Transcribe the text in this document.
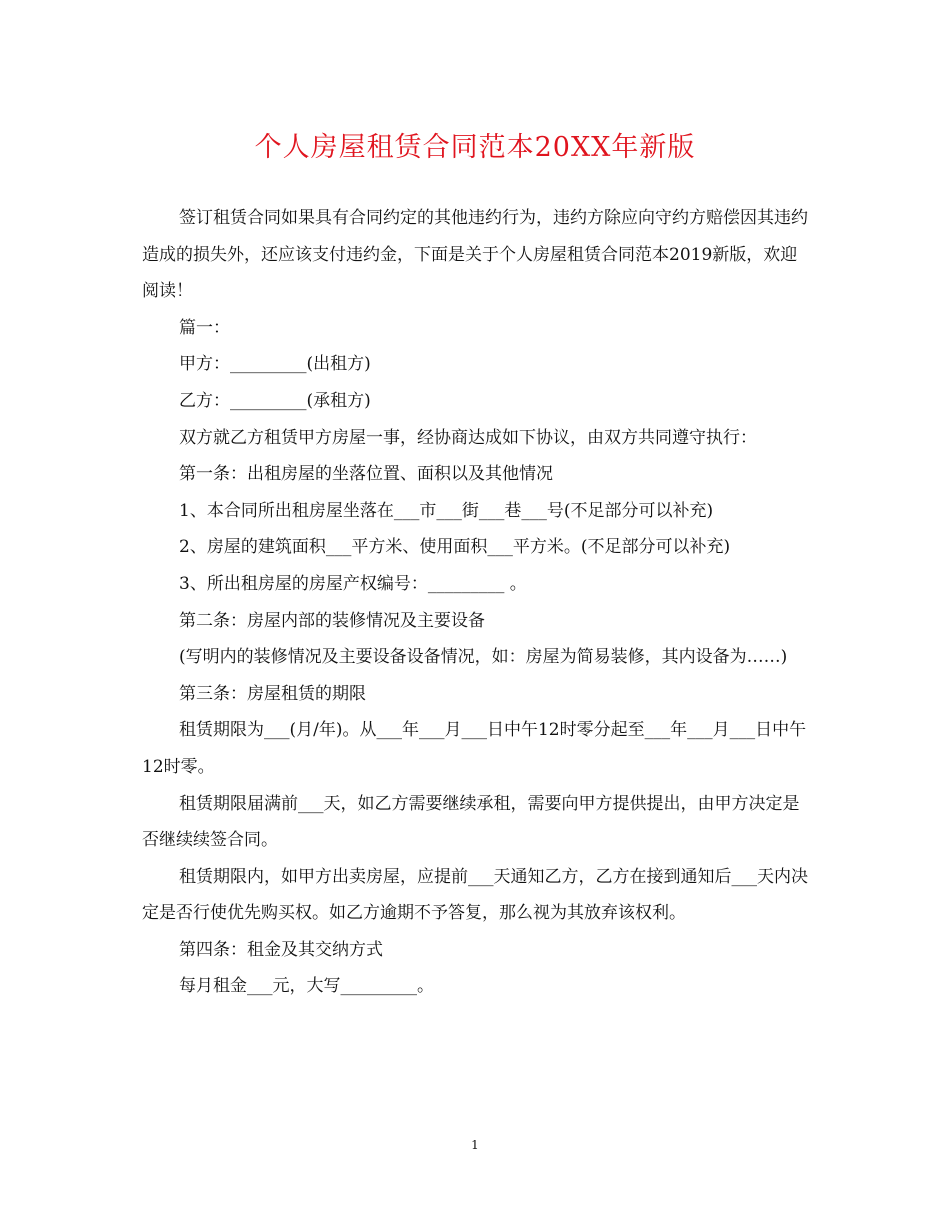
个人房屋租赁合同范本20XX年新版

签订租赁合同如果具有合同约定的其他违约行为，违约方除应向守约方赔偿因其违约造成的损失外，还应该支付违约金，下面是关于个人房屋租赁合同范本2019新版，欢迎阅读！

篇一：

甲方：_________(出租方)

乙方：_________(承租方)

双方就乙方租赁甲方房屋一事，经协商达成如下协议，由双方共同遵守执行：

第一条：出租房屋的坐落位置、面积以及其他情况

1、本合同所出租房屋坐落在___市___街___巷___号(不足部分可以补充)

2、房屋的建筑面积___平方米、使用面积___平方米。(不足部分可以补充)

3、所出租房屋的房屋产权编号：_________ 。

第二条：房屋内部的装修情况及主要设备

(写明内的装修情况及主要设备设备情况，如：房屋为简易装修，其内设备为……)

第三条：房屋租赁的期限

租赁期限为___(月/年)。从___年___月___日中午12时零分起至___年___月___日中午12时零。

租赁期限届满前___天，如乙方需要继续承租，需要向甲方提供提出，由甲方决定是否继续续签合同。

租赁期限内，如甲方出卖房屋，应提前___天通知乙方，乙方在接到通知后___天内决定是否行使优先购买权。如乙方逾期不予答复，那么视为其放弃该权利。

第四条：租金及其交纳方式

每月租金___元，大写_________。

1
